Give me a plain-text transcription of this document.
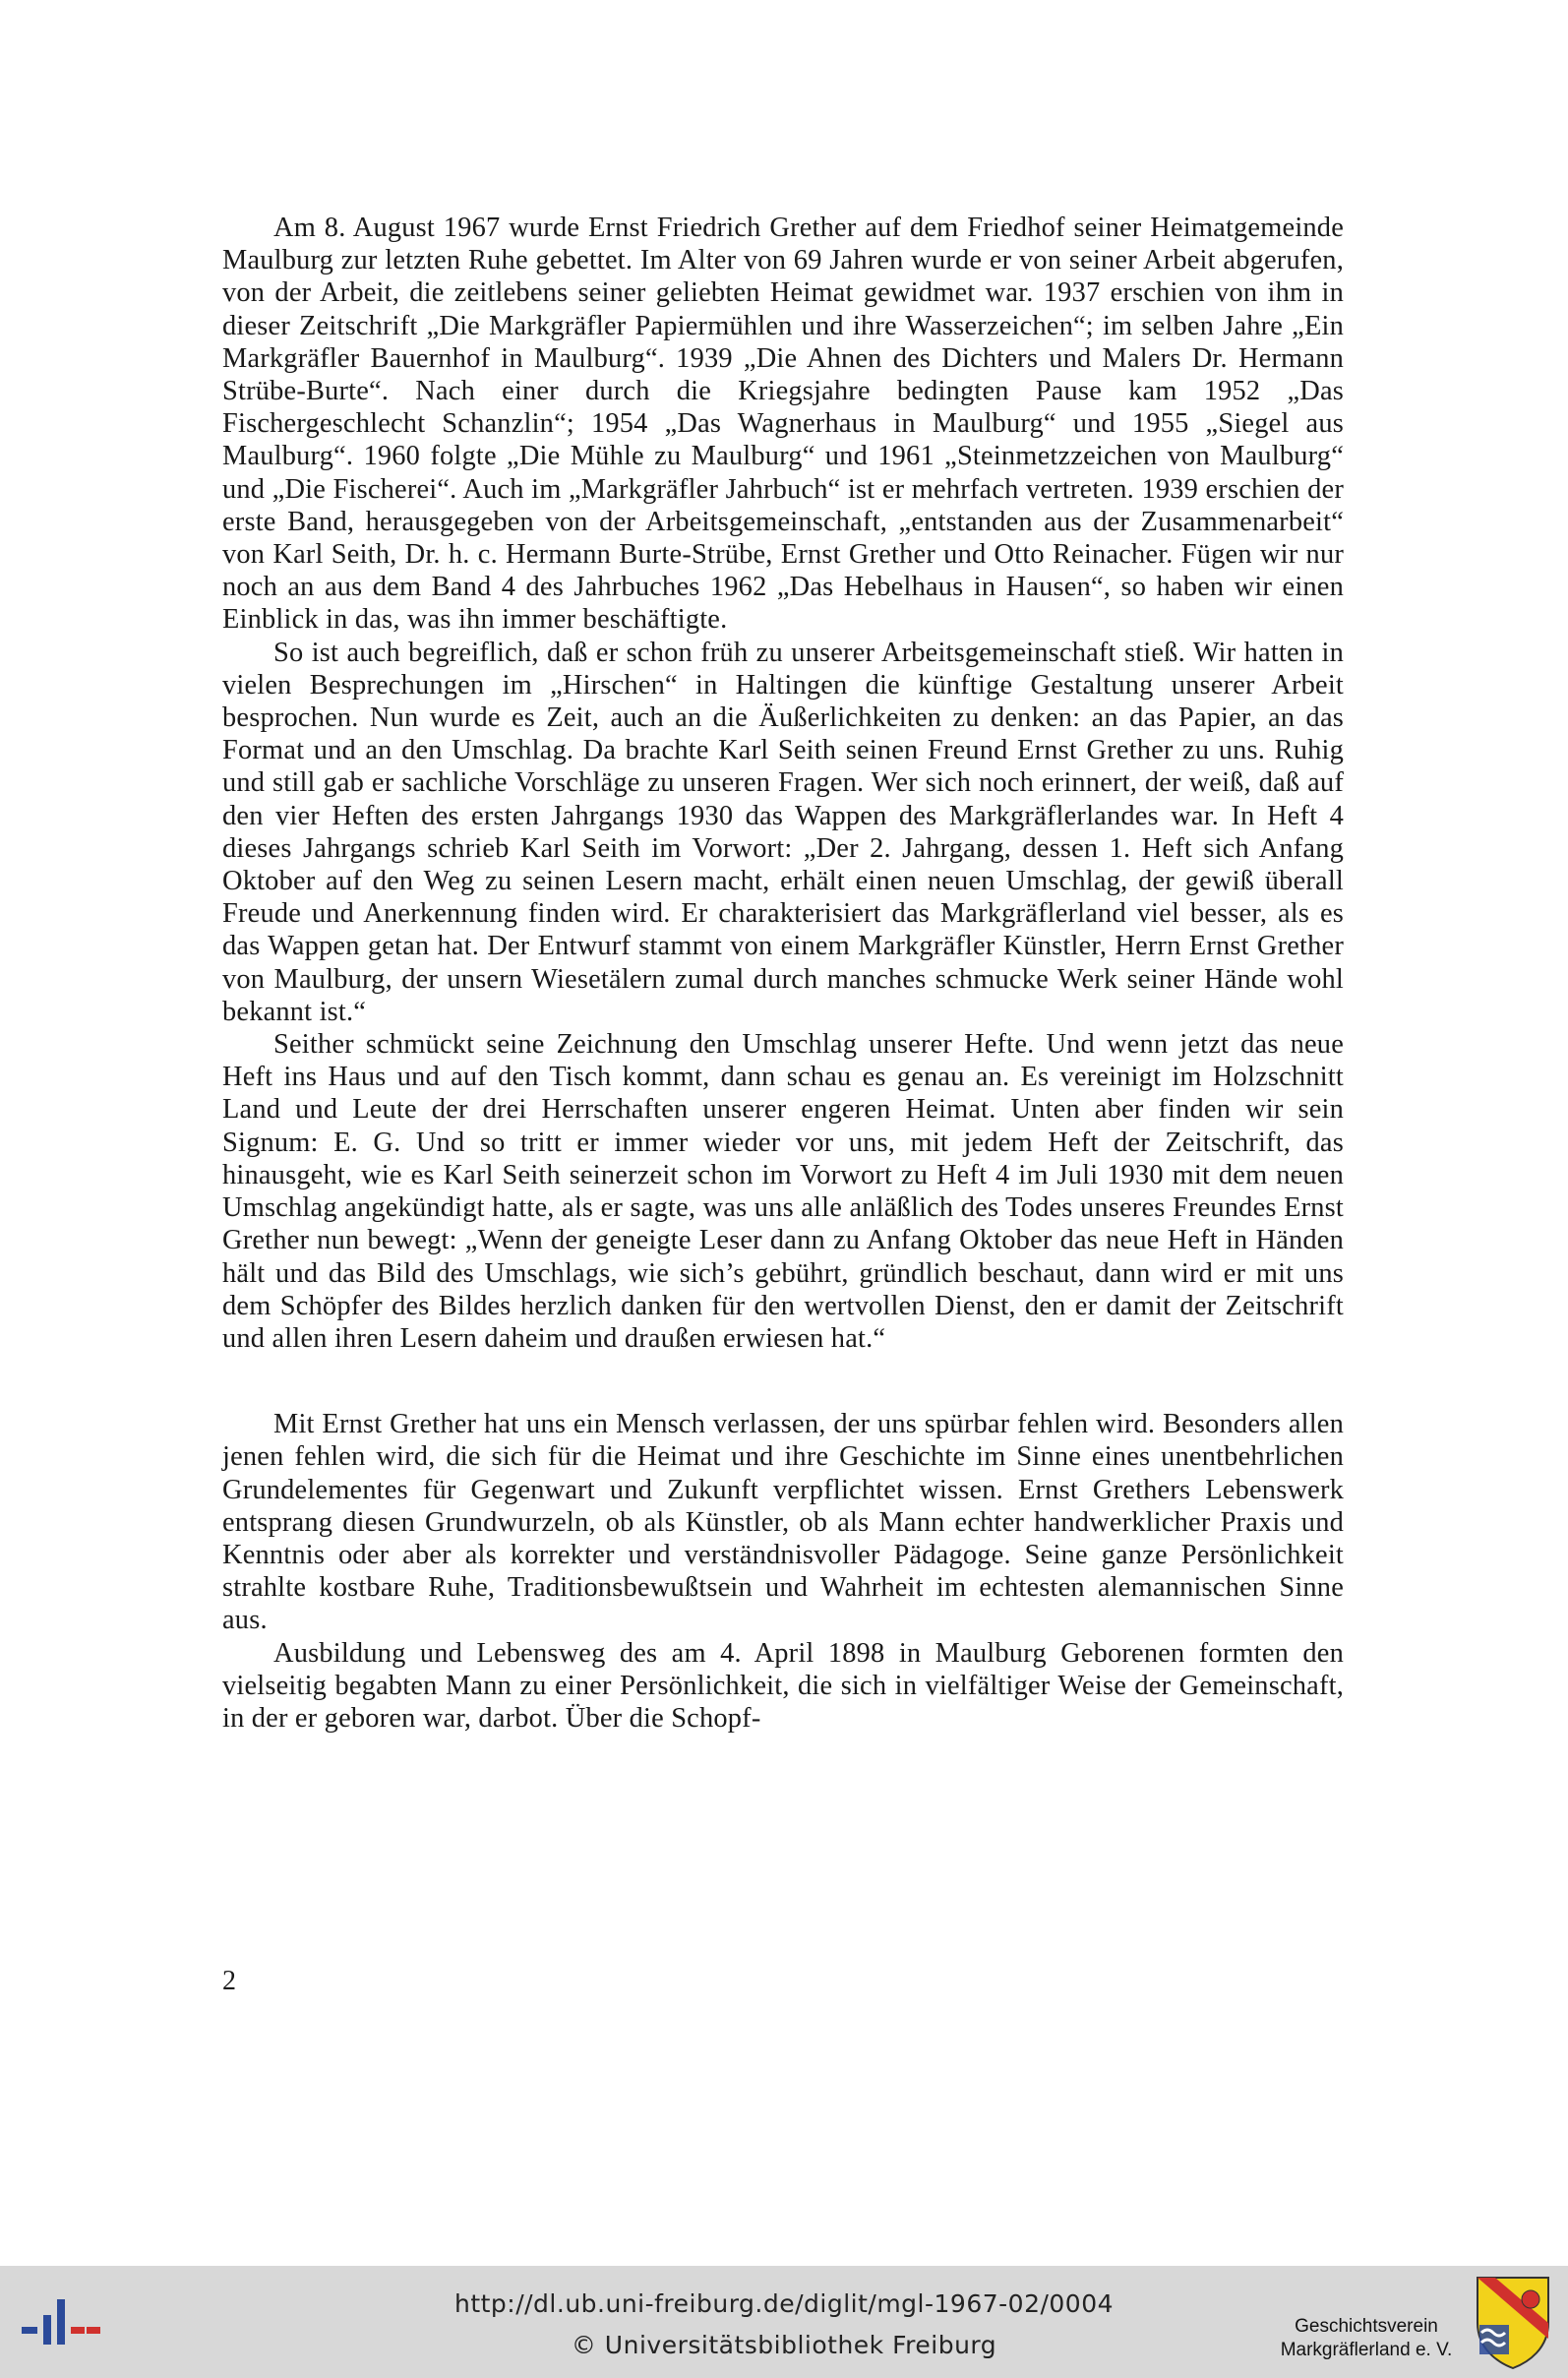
Am 8. August 1967 wurde Ernst Friedrich Grether auf dem Friedhof seiner Heimatgemeinde Maulburg zur letzten Ruhe gebettet. Im Alter von 69 Jahren wurde er von seiner Arbeit abgerufen, von der Arbeit, die zeitlebens seiner geliebten Heimat gewidmet war. 1937 erschien von ihm in dieser Zeitschrift „Die Markgräfler Papiermühlen und ihre Wasserzeichen“; im selben Jahre „Ein Markgräfler Bauernhof in Maulburg“. 1939 „Die Ahnen des Dichters und Malers Dr. Hermann Strübe-Burte“. Nach einer durch die Kriegsjahre bedingten Pause kam 1952 „Das Fischergeschlecht Schanzlin“; 1954 „Das Wagnerhaus in Maulburg“ und 1955 „Siegel aus Maulburg“. 1960 folgte „Die Mühle zu Maulburg“ und 1961 „Steinmetzzeichen von Maulburg“ und „Die Fischerei“. Auch im „Markgräfler Jahrbuch“ ist er mehrfach vertreten. 1939 erschien der erste Band, herausgegeben von der Arbeitsgemeinschaft, „entstanden aus der Zusammenarbeit“ von Karl Seith, Dr. h. c. Hermann Burte-Strübe, Ernst Grether und Otto Reinacher. Fügen wir nur noch an aus dem Band 4 des Jahrbuches 1962 „Das Hebelhaus in Hausen“, so haben wir einen Einblick in das, was ihn immer beschäftigte.

So ist auch begreiflich, daß er schon früh zu unserer Arbeitsgemeinschaft stieß. Wir hatten in vielen Besprechungen im „Hirschen“ in Haltingen die künftige Gestaltung unserer Arbeit besprochen. Nun wurde es Zeit, auch an die Äußerlichkeiten zu denken: an das Papier, an das Format und an den Umschlag. Da brachte Karl Seith seinen Freund Ernst Grether zu uns. Ruhig und still gab er sachliche Vorschläge zu unseren Fragen. Wer sich noch erinnert, der weiß, daß auf den vier Heften des ersten Jahrgangs 1930 das Wappen des Markgräflerlandes war. In Heft 4 dieses Jahrgangs schrieb Karl Seith im Vorwort: „Der 2. Jahrgang, dessen 1. Heft sich Anfang Oktober auf den Weg zu seinen Lesern macht, erhält einen neuen Umschlag, der gewiß überall Freude und Anerkennung finden wird. Er charakterisiert das Markgräflerland viel besser, als es das Wappen getan hat. Der Entwurf stammt von einem Markgräfler Künstler, Herrn Ernst Grether von Maulburg, der unsern Wiesetälern zumal durch manches schmucke Werk seiner Hände wohl bekannt ist.“

Seither schmückt seine Zeichnung den Umschlag unserer Hefte. Und wenn jetzt das neue Heft ins Haus und auf den Tisch kommt, dann schau es genau an. Es vereinigt im Holzschnitt Land und Leute der drei Herrschaften unserer engeren Heimat. Unten aber finden wir sein Signum: E. G. Und so tritt er immer wieder vor uns, mit jedem Heft der Zeitschrift, das hinausgeht, wie es Karl Seith seinerzeit schon im Vorwort zu Heft 4 im Juli 1930 mit dem neuen Umschlag angekündigt hatte, als er sagte, was uns alle anläßlich des Todes unseres Freundes Ernst Grether nun bewegt: „Wenn der geneigte Leser dann zu Anfang Oktober das neue Heft in Händen hält und das Bild des Umschlags, wie sich’s gebührt, gründlich beschaut, dann wird er mit uns dem Schöpfer des Bildes herzlich danken für den wertvollen Dienst, den er damit der Zeitschrift und allen ihren Lesern daheim und draußen erwiesen hat.“

Mit Ernst Grether hat uns ein Mensch verlassen, der uns spürbar fehlen wird. Besonders allen jenen fehlen wird, die sich für die Heimat und ihre Geschichte im Sinne eines unentbehrlichen Grundelementes für Gegenwart und Zukunft verpflichtet wissen. Ernst Grethers Lebenswerk entsprang diesen Grundwurzeln, ob als Künstler, ob als Mann echter handwerklicher Praxis und Kenntnis oder aber als korrekter und verständnisvoller Pädagoge. Seine ganze Persönlichkeit strahlte kostbare Ruhe, Traditionsbewußtsein und Wahrheit im echtesten alemannischen Sinne aus.

Ausbildung und Lebensweg des am 4. April 1898 in Maulburg Geborenen formten den vielseitig begabten Mann zu einer Persönlichkeit, die sich in vielfältiger Weise der Gemeinschaft, in der er geboren war, darbot. Über die Schopf-

2
http://dl.ub.uni-freiburg.de/diglit/mgl-1967-02/0004
© Universitätsbibliothek Freiburg
Geschichtsverein
Markgräflerland e. V.
